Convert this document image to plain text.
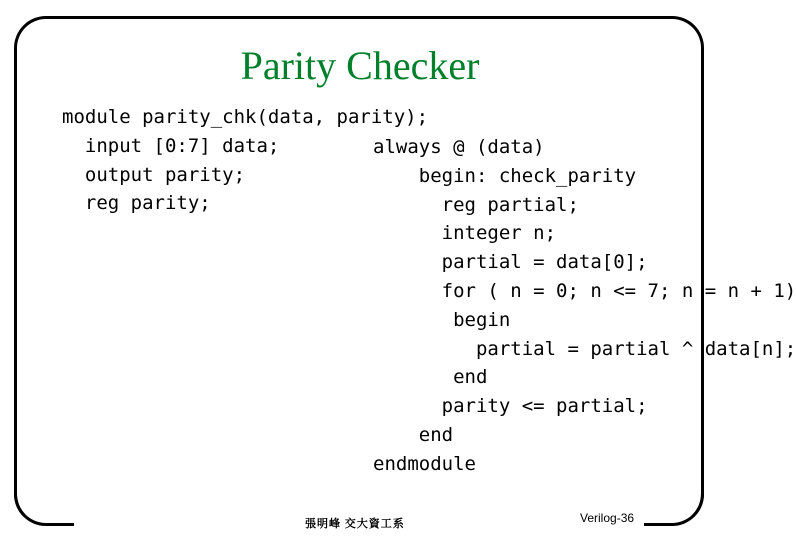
Parity Checker
module parity_chk(data, parity);
input [0:7] data;
output parity;
reg parity;
always @ (data)
begin: check_parity
reg partial;
integer n;
partial = data[0];
for ( n = 0; n <= 7; n = n + 1)
begin
partial = partial ^ data[n];
end
parity <= partial;
end
endmodule
張明峰 交大資工系	Verilog-36
